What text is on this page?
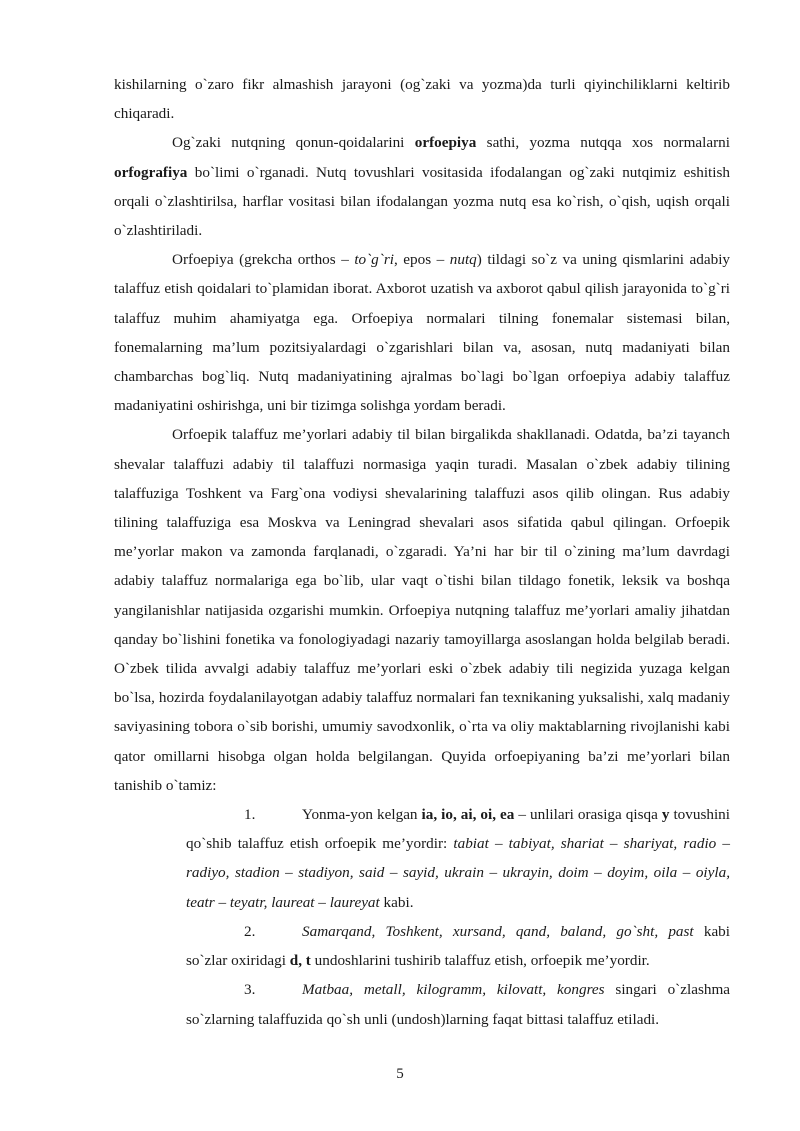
kishilarning o`zaro fikr almashish jarayoni (og`zaki va yozma)da turli qiyinchiliklarni keltirib chiqaradi.

Og`zaki nutqning qonun-qoidalarini orfoepiya sathi, yozma nutqqa xos normalarni orfografiya bo`limi o`rganadi. Nutq tovushlari vositasida ifodalangan og`zaki nutqimiz eshitish orqali o`zlashtirilsa, harflar vositasi bilan ifodalangan yozma nutq esa ko`rish, o`qish, uqish orqali o`zlashtiriladi.

Orfoepiya (grekcha orthos – to`g`ri, epos – nutq) tildagi so`z va uning qismlarini adabiy talaffuz etish qoidalari to`plamidan iborat. Axborot uzatish va axborot qabul qilish jarayonida to`g`ri talaffuz muhim ahamiyatga ega. Orfoepiya normalari tilning fonemalar sistemasi bilan, fonemalarning ma’lum pozitsiyalardagi o`zgarishlari bilan va, asosan, nutq madaniyati bilan chambarchas bog`liq. Nutq madaniyatining ajralmas bo`lagi bo`lgan orfoepiya adabiy talaffuz madaniyatini oshirishga, uni bir tizimga solishga yordam beradi.

Orfoepik talaffuz me’yorlari adabiy til bilan birgalikda shakllanadi. Odatda, ba’zi tayanch shevalar talaffuzi adabiy til talaffuzi normasiga yaqin turadi. Masalan o`zbek adabiy tilining talaffuziga Toshkent va Farg`ona vodiysi shevalarining talaffuzi asos qilib olingan. Rus adabiy tilining talaffuziga esa Moskva va Leningrad shevalari asos sifatida qabul qilingan. Orfoepik me’yorlar makon va zamonda farqlanadi, o`zgaradi. Ya’ni har bir til o`zining ma’lum davrdagi adabiy talaffuz normalariga ega bo`lib, ular vaqt o`tishi bilan tildago fonetik, leksik va boshqa yangilanishlar natijasida ozgarishi mumkin. Orfoepiya nutqning talaffuz me’yorlari amaliy jihatdan qanday bo`lishini fonetika va fonologiyadagi nazariy tamoyillarga asoslangan holda belgilab beradi. O`zbek tilida avvalgi adabiy talaffuz me’yorlari eski o`zbek adabiy tili negizida yuzaga kelgan bo`lsa, hozirda foydalanilayotgan adabiy talaffuz normalari fan texnikaning yuksalishi, xalq madaniy saviyasining tobora o`sib borishi, umumiy savodxonlik, o`rta va oliy maktablarning rivojlanishi kabi qator omillarni hisobga olgan holda belgilangan. Quyida orfoepiyaning ba’zi me’yorlari bilan tanishib o`tamiz:

1.	Yonma-yon kelgan ia, io, ai, oi, ea – unlilari orasiga qisqa y tovushini qo`shib talaffuz etish orfoepik me’yordir: tabiat – tabiyat, shariat – shariyat, radio – radiyo, stadion – stadiyon, said – sayid, ukrain – ukrayin, doim – doyim, oila – oiyla, teatr – teyatr, laureat – laureyat kabi.

2.	Samarqand, Toshkent, xursand, qand, baland, go`sht, past kabi so`zlar oxiridagi d, t undoshlarini tushirib talaffuz etish, orfoepik me’yordir.

3.	Matbaa, metall, kilogramm, kilovatt, kongres singari o`zlashma so`zlarning talaffuzida qo`sh unli (undosh)larning faqat bittasi talaffuz etiladi.

5
